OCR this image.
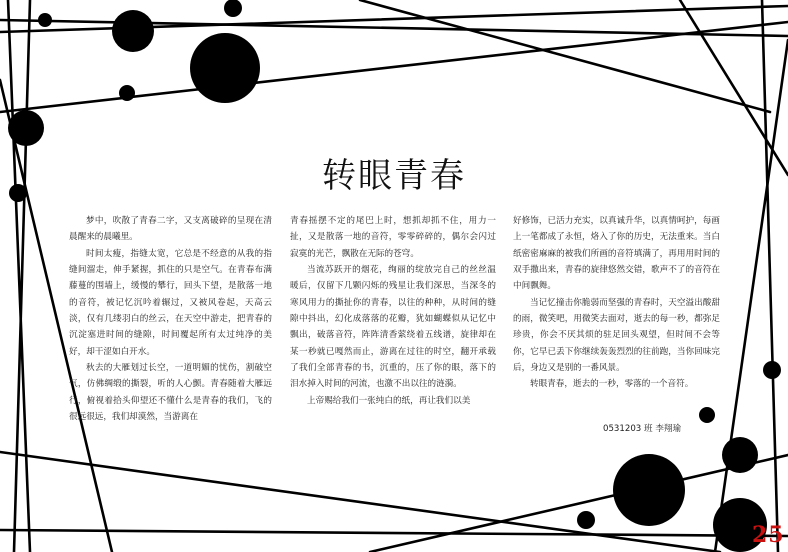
转眼青春

梦中，吹散了青春二字，又支离破碎的呈现在清晨醒来的晨曦里。

时间太瘦，指缝太宽，它总是不经意的从我的指缝间溜走，伸手紧握，抓住的只是空气。在青春布满藤蔓的围墙上，缓慢的攀行，回头下望，是散落一地的音符，被记忆沉吟着辗过，又被风卷起，天高云淡，仅有几缕羽白的丝云，在天空中游走，把青春的沉淀塞进时间的缝隙，时间覆起所有太过纯净的美好，却干涩如白开水。

秋去的大雁划过长空，一道明媚的忧伤，割破空气，仿佛绸缎的撕裂，听的人心颤。青春随着大雁远行，俯视着拾头仰望还不懂什么是青春的我们，飞的很远很远，我们却漠然，当游离在

青春摇摆不定的尾巴上时，想抓却抓不住，用力一扯，又是散落一地的音符，零零碎碎的，偶尔会闪过寂寞的光芒，飘散在无际的苍穹。

当流苏跃开的烟花，绚丽的绽放完自己的丝丝温暖后，仅留下几颗闪烁的残星让我们深思，当深冬的寒风用力的撕扯你的青春，以往的种种，从时间的缝隙中抖出，幻化成落落的花瓣，犹如蝴蝶似从记忆中飘出，破落音符，阵阵清香萦绕着五线谱，旋律却在某一秒就已嘎然而止，游离在过往的时空，翻开承载了我们全部青春的书，沉重的，压了你的眼，落下的泪水掉入时间的河流，也激不出以往的涟漪。

上帝赐给我们一张纯白的纸，再让我们以美

好修饰，已活力充实，以真诚升华，以真情呵护，每画上一笔都成了永恒，烙入了你的历史，无法重来。当白纸密密麻麻的被我们所画的音符填满了，再用用时间的双手撒出来，青春的旋律悠然交错，歌声不了的音符在中间飘舞。

当记忆撞击你脆弱而坚强的青春时，天空溢出酸甜的雨，微笑吧，用微笑去面对，逝去的每一秒，都弥足珍贵，你会不厌其烦的驻足回头观望，但时间不会等你，它早已丢下你继续轰轰烈烈的往前跑，当你回味完后，身边又是别的一番风景。

转眼青春，逝去的一秒，零落的一个音符。

0531203 班 李翔瑜
25
